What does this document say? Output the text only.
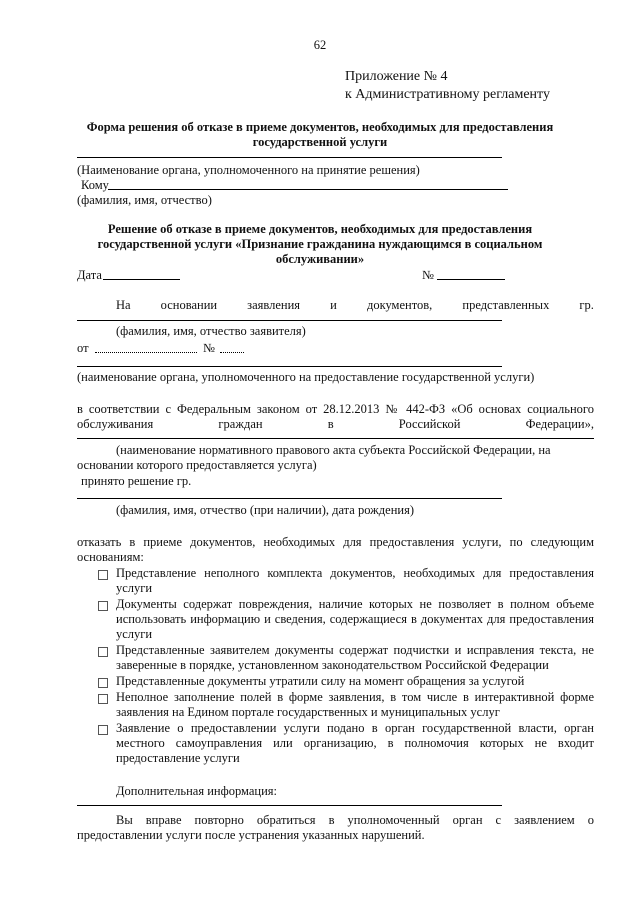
62
Приложение № 4
к Административному регламенту
Форма решения об отказе в приеме документов, необходимых для предоставления
государственной услуги
(Наименование органа, уполномоченного на принятие решения)
Кому
(фамилия, имя, отчество)
Решение об отказе в приеме документов, необходимых для предоставления
государственной услуги «Признание гражданина нуждающимся в социальном
обслуживании»
Дата	№
На основании заявления и документов, представленных гр.
(фамилия, имя, отчество заявителя)
от	№
(наименование органа, уполномоченного на предоставление государственной услуги)
в соответствии с Федеральным законом от 28.12.2013 № 442-ФЗ «Об основах социального
обслуживания граждан в Российской Федерации»,
(наименование нормативного правового акта субъекта Российской Федерации, на
основании которого предоставляется услуга)
принято решение гр.
(фамилия, имя, отчество (при наличии), дата рождения)
отказать в приеме документов, необходимых для предоставления услуги, по следующим
основаниям:
Представление неполного комплекта документов, необходимых для предоставления услуги
Документы содержат повреждения, наличие которых не позволяет в полном объеме использовать информацию и сведения, содержащиеся в документах для предоставления услуги
Представленные заявителем документы содержат подчистки и исправления текста, не заверенные в порядке, установленном законодательством Российской Федерации
Представленные документы утратили силу на момент обращения за услугой
Неполное заполнение полей в форме заявления, в том числе в интерактивной форме заявления на Едином портале государственных и муниципальных услуг
Заявление о предоставлении услуги подано в орган государственной власти, орган местного самоуправления или организацию, в полномочия которых не входит предоставление услуги
Дополнительная информация:
Вы вправе повторно обратиться в уполномоченный орган с заявлением о
предоставлении услуги после устранения указанных нарушений.
